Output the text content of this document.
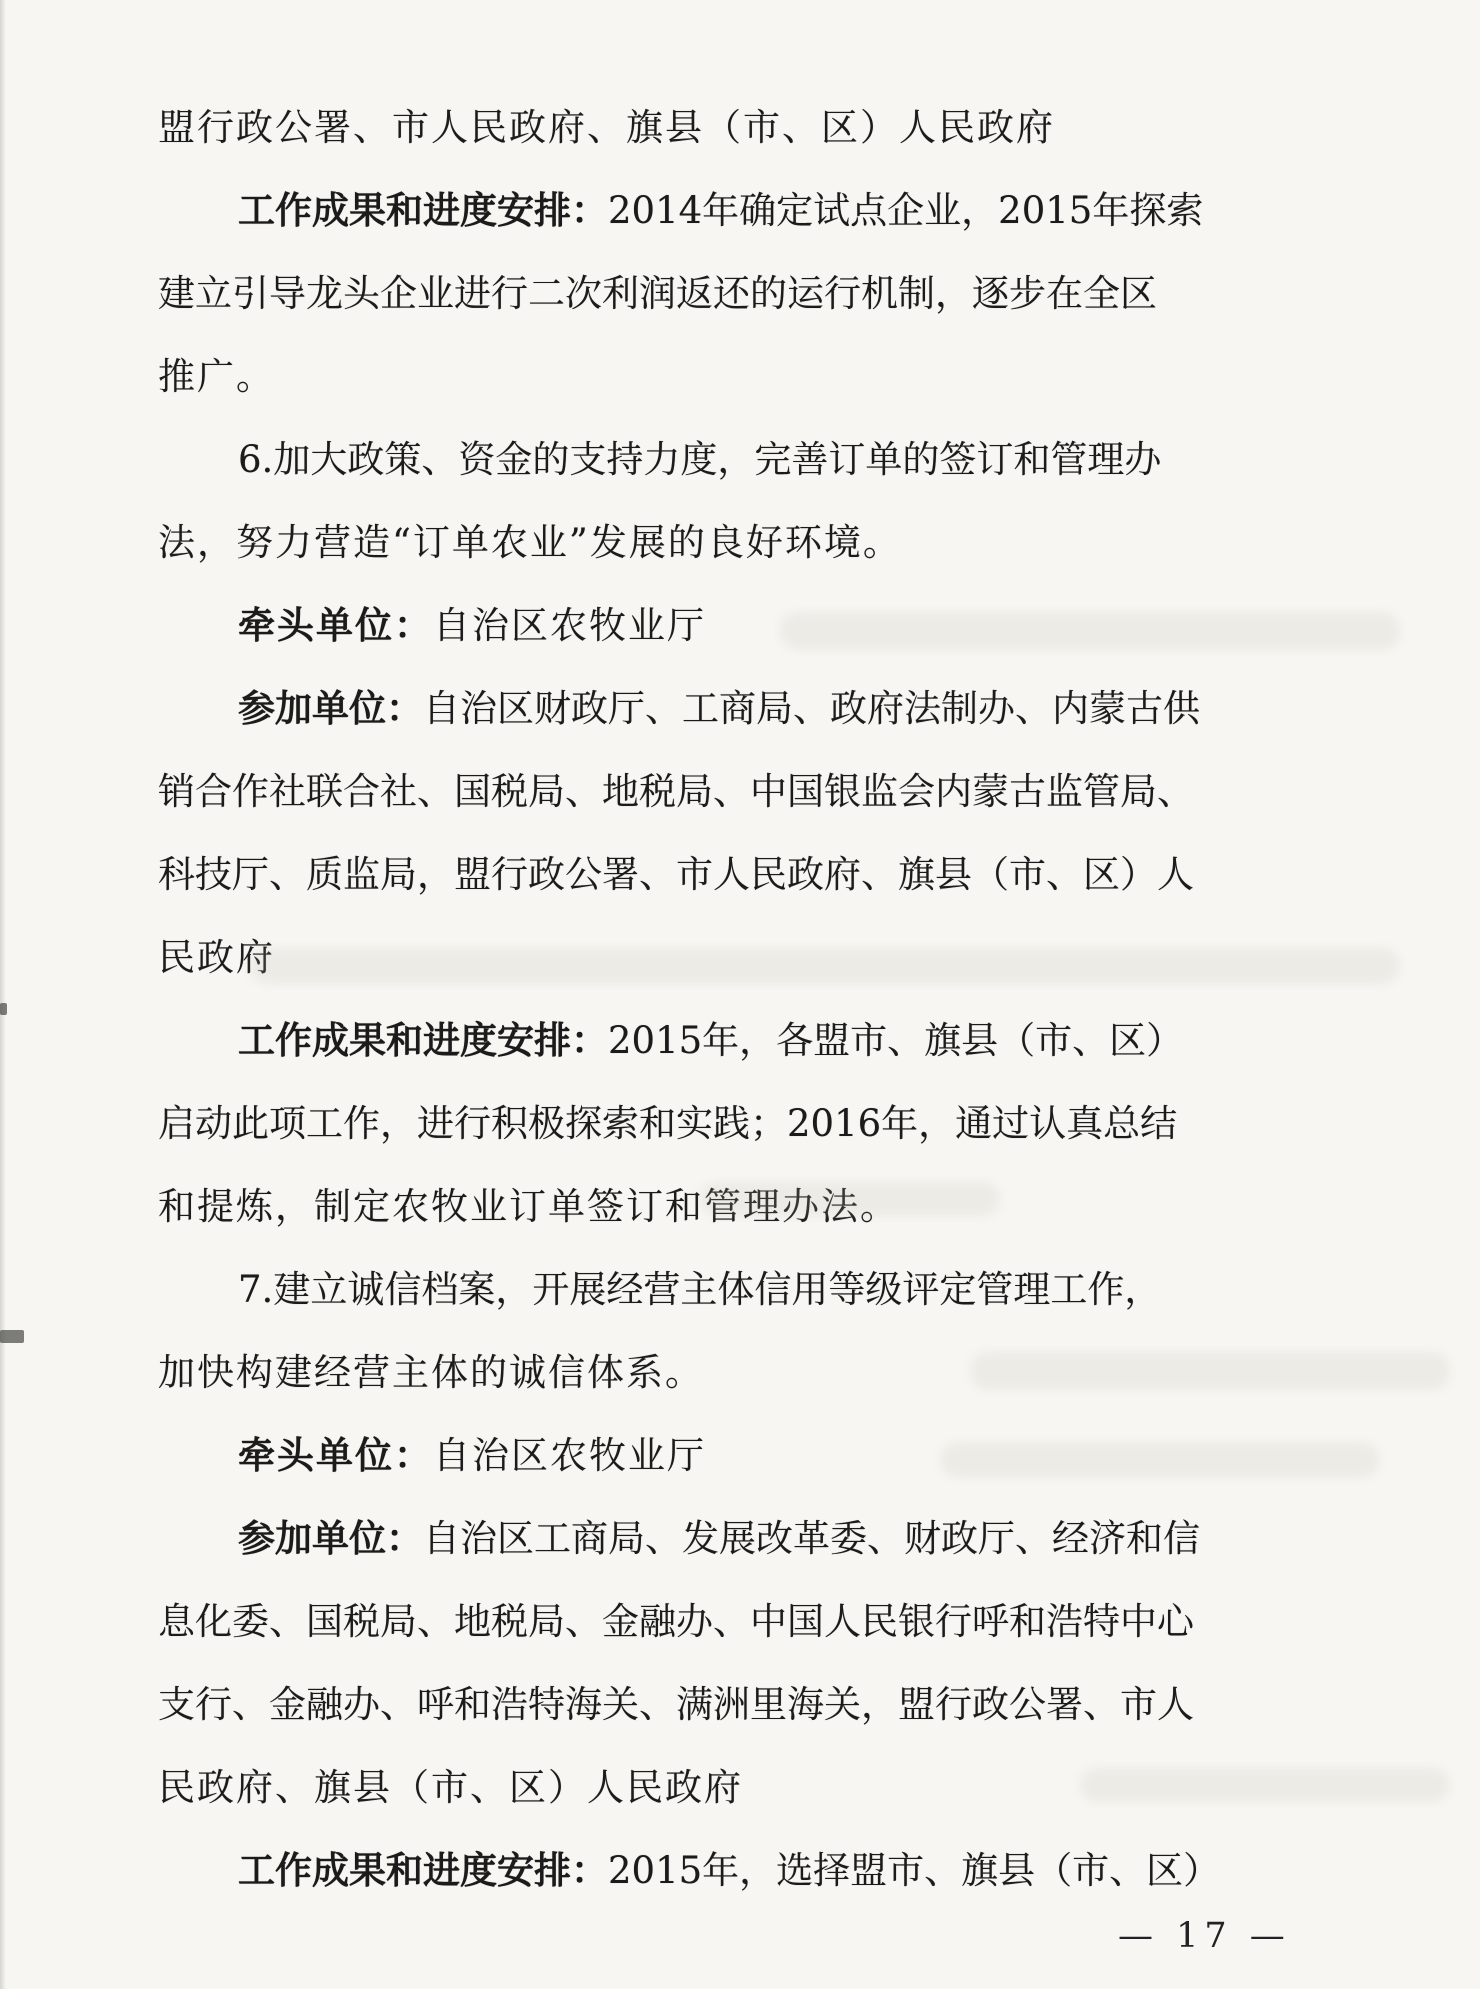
盟行政公署、市人民政府、旗县（市、区）人民政府
工 作 成 果 和 进 度 安 排 ： 2014 年 确 定 试 点 企 业 ， 2015 年 探 索
建 立 引 导 龙 头 企 业 进 行 二 次 利 润 返 还 的 运 行 机 制 ， 逐 步 在 全 区
推广。
6. 加 大 政 策 、 资 金 的 支 持 力 度 ， 完 善 订 单 的 签 订 和 管 理 办
法，努力营造“订单农业”发展的良好环境。
牵头单位：自治区农牧业厅
参 加 单 位 ： 自 治 区 财 政 厅 、 工 商 局 、 政 府 法 制 办 、 内 蒙 古 供
销 合 作 社 联 合 社 、 国 税 局 、 地 税 局 、 中 国 银 监 会 内 蒙 古 监 管 局 、
科 技 厅 、 质 监 局 ， 盟 行 政 公 署 、 市 人 民 政 府 、 旗 县 （ 市 、 区 ） 人
民政府
工 作 成 果 和 进 度 安 排 ： 2015 年 ， 各 盟 市 、 旗 县 （ 市 、 区 ）
启 动 此 项 工 作 ， 进 行 积 极 探 索 和 实 践 ； 2016 年 ， 通 过 认 真 总 结
和提炼，制定农牧业订单签订和管理办法。
7. 建 立 诚 信 档 案 ， 开 展 经 营 主 体 信 用 等 级 评 定 管 理 工 作 ，
加快构建经营主体的诚信体系。
牵头单位：自治区农牧业厅
参 加 单 位 ： 自 治 区 工 商 局 、 发 展 改 革 委 、 财 政 厅 、 经 济 和 信
息 化 委 、 国 税 局 、 地 税 局 、 金 融 办 、 中 国 人 民 银 行 呼 和 浩 特 中 心
支 行 、 金 融 办 、 呼 和 浩 特 海 关 、 满 洲 里 海 关 ， 盟 行 政 公 署 、 市 人
民政府、旗县（市、区）人民政府
工 作 成 果 和 进 度 安 排 ： 2015 年 ， 选 择 盟 市 、 旗 县 （ 市 、 区 ）
— 17 —
